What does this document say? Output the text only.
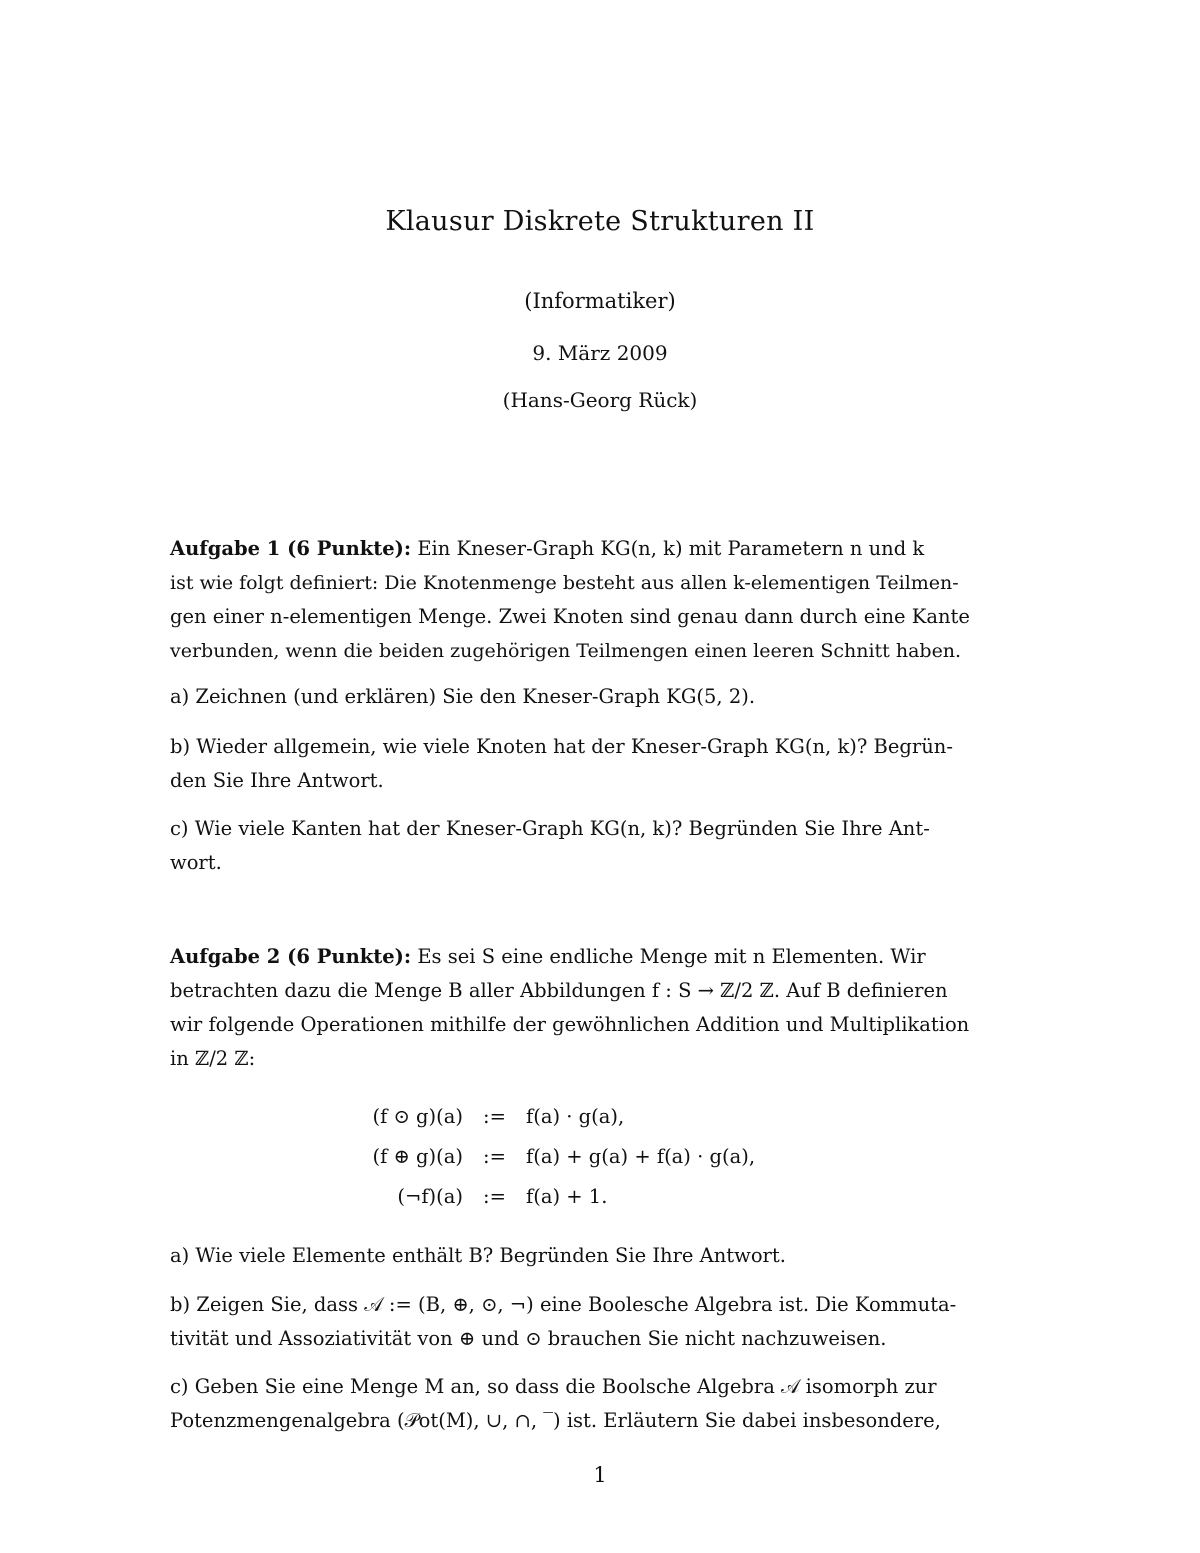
Klausur Diskrete Strukturen II
(Informatiker)
9. März 2009
(Hans-Georg Rück)
Aufgabe 1 (6 Punkte): Ein Kneser-Graph KG(n, k) mit Parametern n und k
ist wie folgt definiert: Die Knotenmenge besteht aus allen k-elementigen Teilmen-
gen einer n-elementigen Menge. Zwei Knoten sind genau dann durch eine Kante
verbunden, wenn die beiden zugehörigen Teilmengen einen leeren Schnitt haben.
a) Zeichnen (und erklären) Sie den Kneser-Graph KG(5, 2).
b) Wieder allgemein, wie viele Knoten hat der Kneser-Graph KG(n, k)? Begrün-
den Sie Ihre Antwort.
c) Wie viele Kanten hat der Kneser-Graph KG(n, k)? Begründen Sie Ihre Ant-
wort.
Aufgabe 2 (6 Punkte): Es sei S eine endliche Menge mit n Elementen. Wir
betrachten dazu die Menge B aller Abbildungen f : S → ℤ/2 ℤ. Auf B definieren
wir folgende Operationen mithilfe der gewöhnlichen Addition und Multiplikation
in ℤ/2 ℤ:
(f ⊙ g)(a)	:=	f(a) · g(a),
(f ⊕ g)(a)	:=	f(a) + g(a) + f(a) · g(a),
(¬f)(a)	:=	f(a) + 1.
a) Wie viele Elemente enthält B? Begründen Sie Ihre Antwort.
b) Zeigen Sie, dass 𝒜 := (B, ⊕, ⊙, ¬) eine Boolesche Algebra ist. Die Kommuta-
tivität und Assoziativität von ⊕ und ⊙ brauchen Sie nicht nachzuweisen.
c) Geben Sie eine Menge M an, so dass die Boolsche Algebra 𝒜 isomorph zur
Potenzmengenalgebra (𝒫ot(M), ∪, ∩, ‾) ist. Erläutern Sie dabei insbesondere,
1
